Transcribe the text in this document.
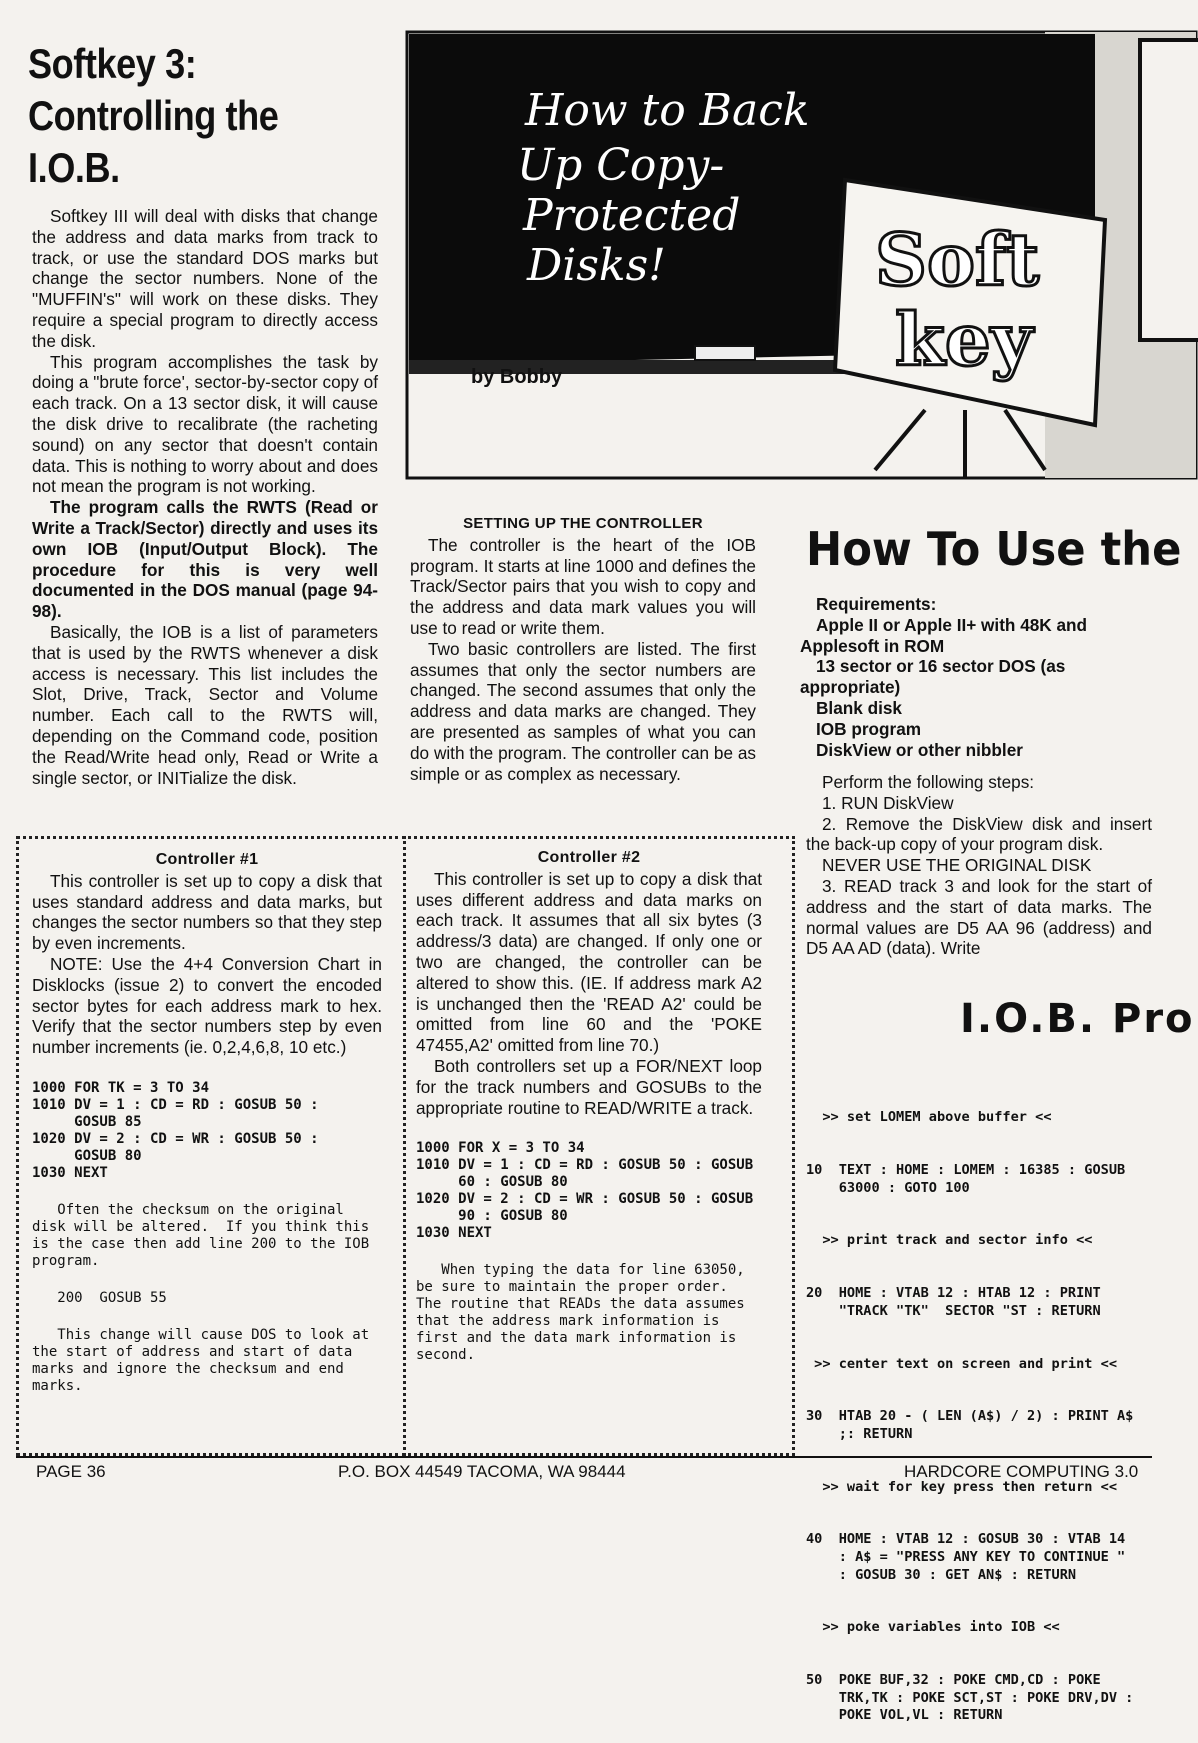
Softkey 3:
Controlling the
I.O.B.

Softkey III will deal with disks that change the address and data marks from track to track, or use the standard DOS marks but change the sector numbers. None of the "MUFFIN's" will work on these disks. They require a special program to directly access the disk.

This program accomplishes the task by doing a "brute force', sector-by-sector copy of each track. On a 13 sector disk, it will cause the disk drive to recalibrate (the racheting sound) on any sector that doesn't contain data. This is nothing to worry about and does not mean the program is not working.

The program calls the RWTS (Read or Write a Track/Sector) directly and uses its own IOB (Input/Output Block). The procedure for this is very well documented in the DOS manual (page 94-98).

Basically, the IOB is a list of parameters that is used by the RWTS whenever a disk access is necessary. This list includes the Slot, Drive, Track, Sector and Volume number. Each call to the RWTS will, depending on the Command code, position the Read/Write head only, Read or Write a single sector, or INITialize the disk.

How to Back
Up Copy-
Protected
Disks!
by Bobby
Soft
key
SETTING UP THE CONTROLLER

The controller is the heart of the IOB program. It starts at line 1000 and defines the Track/Sector pairs that you wish to copy and the address and data mark values you will use to read or write them.

Two basic controllers are listed. The first assumes that only the sector numbers are changed. The second assumes that only the address and data marks are changed. They are presented as samples of what you can do with the program. The controller can be as simple or as complex as necessary.

How To Use the
Requirements:
Apple II or Apple II+ with 48K and Applesoft in ROM
13 sector or 16 sector DOS (as appropriate)
Blank disk
IOB program
DiskView or other nibbler

Perform the following steps:

1. RUN DiskView

2. Remove the DiskView disk and insert the back-up copy of your program disk.

NEVER USE THE ORIGINAL DISK

3. READ track 3 and look for the start of address and the start of data marks. The normal values are D5 AA 96 (address) and D5 AA AD (data). Write

I.O.B. Pro

>> set LOMEM above buffer <<

10  TEXT : HOME : LOMEM : 16385 : GOSUB
63000 : GOTO 100

>> print track and sector info <<

20  HOME : VTAB 12 : HTAB 12 : PRINT
"TRACK "TK"  SECTOR "ST : RETURN

>> center text on screen and print <<

30  HTAB 20 - ( LEN (A$) / 2) : PRINT A$
;: RETURN

>> wait for key press then return <<

40  HOME : VTAB 12 : GOSUB 30 : VTAB 14
: A$ = "PRESS ANY KEY TO CONTINUE "
: GOSUB 30 : GET AN$ : RETURN

>> poke variables into IOB <<

50  POKE BUF,32 : POKE CMD,CD : POKE
TRK,TK : POKE SCT,ST : POKE DRV,DV :
POKE VOL,VL : RETURN

Controller #1

This controller is set up to copy a disk that uses standard address and data marks, but changes the sector numbers so that they step by even increments.

NOTE: Use the 4+4 Conversion Chart in Disklocks (issue 2) to convert the encoded sector bytes for each address mark to hex. Verify that the sector numbers step by even number increments (ie. 0,2,4,6,8, 10 etc.)

1000 FOR TK = 3 TO 34
1010 DV = 1 : CD = RD : GOSUB 50 :
GOSUB 85
1020 DV = 2 : CD = WR : GOSUB 50 :
GOSUB 80
1030 NEXT
Often the checksum on the original
disk will be altered.  If you think this
is the case then add line 200 to the IOB
program.
200  GOSUB 55
This change will cause DOS to look at
the start of address and start of data
marks and ignore the checksum and end
marks.
Controller #2

This controller is set up to copy a disk that uses different address and data marks on each track. It assumes that all six bytes (3 address/3 data) are changed. If only one or two are changed, the controller can be altered to show this. (IE. If address mark A2 is unchanged then the 'READ A2' could be omitted from line 60 and the 'POKE 47455,A2' omitted from line 70.)

Both controllers set up a FOR/NEXT loop for the track numbers and GOSUBs to the appropriate routine to READ/WRITE a track.

1000 FOR X = 3 TO 34
1010 DV = 1 : CD = RD : GOSUB 50 : GOSUB
60 : GOSUB 80
1020 DV = 2 : CD = WR : GOSUB 50 : GOSUB
90 : GOSUB 80
1030 NEXT
When typing the data for line 63050,
be sure to maintain the proper order.
The routine that READs the data assumes
that the address mark information is
first and the data mark information is
second.
PAGE 36	P.O. BOX 44549 TACOMA, WA 98444	HARDCORE COMPUTING 3.0
